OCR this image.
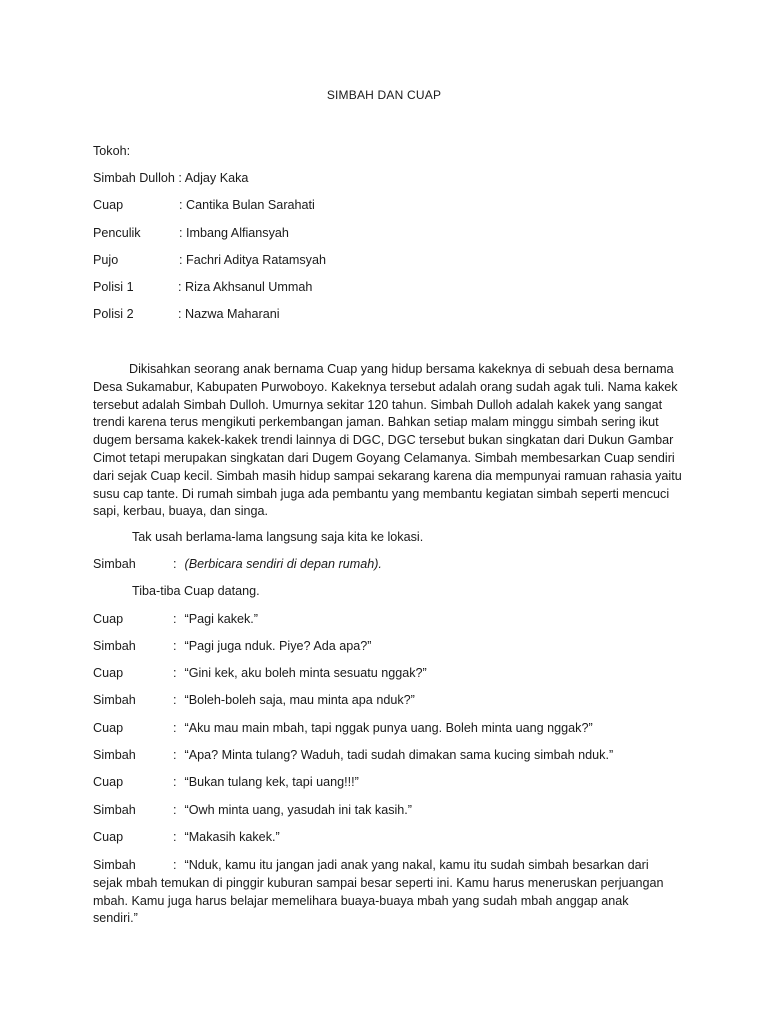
SIMBAH DAN CUAP
Tokoh:
Simbah Dulloh : Adjay Kaka
Cuap	: Cantika Bulan Sarahati
Penculik	: Imbang Alfiansyah
Pujo	: Fachri Aditya Ratamsyah
Polisi 1	: Riza Akhsanul Ummah
Polisi 2	: Nazwa Maharani
Dikisahkan seorang anak bernama Cuap yang hidup bersama kakeknya di sebuah desa bernama Desa Sukamabur, Kabupaten Purwoboyo. Kakeknya tersebut adalah orang sudah agak tuli. Nama kakek tersebut adalah Simbah Dulloh. Umurnya sekitar 120 tahun. Simbah Dulloh adalah kakek yang sangat trendi karena terus mengikuti perkembangan jaman. Bahkan setiap malam minggu simbah sering ikut dugem bersama kakek-kakek trendi lainnya di DGC, DGC tersebut bukan singkatan dari Dukun Gambar Cimot tetapi merupakan singkatan dari Dugem Goyang Celamanya. Simbah membesarkan Cuap sendiri dari sejak Cuap kecil. Simbah masih hidup sampai sekarang karena dia mempunyai ramuan rahasia yaitu susu cap tante. Di rumah simbah juga ada pembantu yang membantu kegiatan simbah seperti mencuci sapi, kerbau, buaya, dan singa.
Tak usah berlama-lama langsung saja kita ke lokasi.
Simbah	: (Berbicara sendiri di depan rumah).
Tiba-tiba Cuap datang.
Cuap	: “Pagi kakek.”
Simbah	: “Pagi juga nduk. Piye? Ada apa?”
Cuap	: “Gini kek, aku boleh minta sesuatu nggak?”
Simbah	: “Boleh-boleh saja, mau minta apa nduk?”
Cuap	: “Aku mau main mbah, tapi nggak punya uang. Boleh minta uang nggak?”
Simbah	: “Apa? Minta tulang? Waduh, tadi sudah dimakan sama kucing simbah nduk.”
Cuap	: “Bukan tulang kek, tapi uang!!!”
Simbah	: “Owh minta uang, yasudah ini tak kasih.”
Cuap	: “Makasih kakek.”
Simbah	: “Nduk, kamu itu jangan jadi anak yang nakal, kamu itu sudah simbah besarkan dari sejak mbah temukan di pinggir kuburan sampai besar seperti ini. Kamu harus meneruskan perjuangan mbah. Kamu juga harus belajar memelihara buaya-buaya mbah yang sudah mbah anggap anak sendiri.”
